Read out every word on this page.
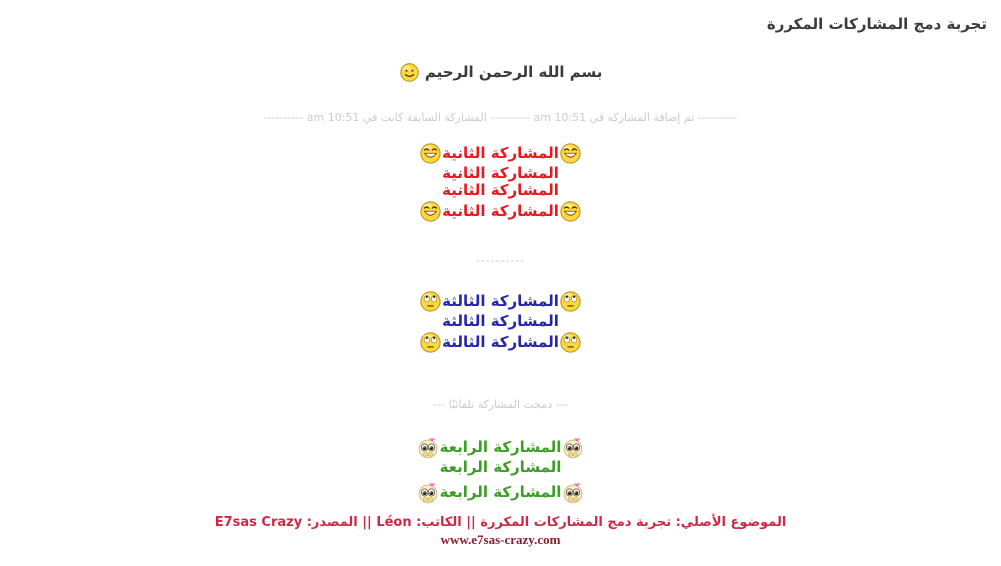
تجربة دمج المشاركات المكررة
بسم الله الرحمن الرحيم
---------- تم إضافة المشاركة في 10:51 am ---------- المشاركة السابقة كانت في 10:51 am ----------
المشاركة الثانية
المشاركة الثانية
المشاركة الثانية
المشاركة الثانية
----------
المشاركة الثالثة
المشاركة الثالثة
المشاركة الثالثة
--- دمجت المشاركة تلقائيًا ---
المشاركة الرابعة
المشاركة الرابعة
المشاركة الرابعة
الموضوع الأصلي: تجربة دمج المشاركات المكررة || الكاتب: Léon || المصدر: E7sas Crazy
www.e7sas-crazy.com
